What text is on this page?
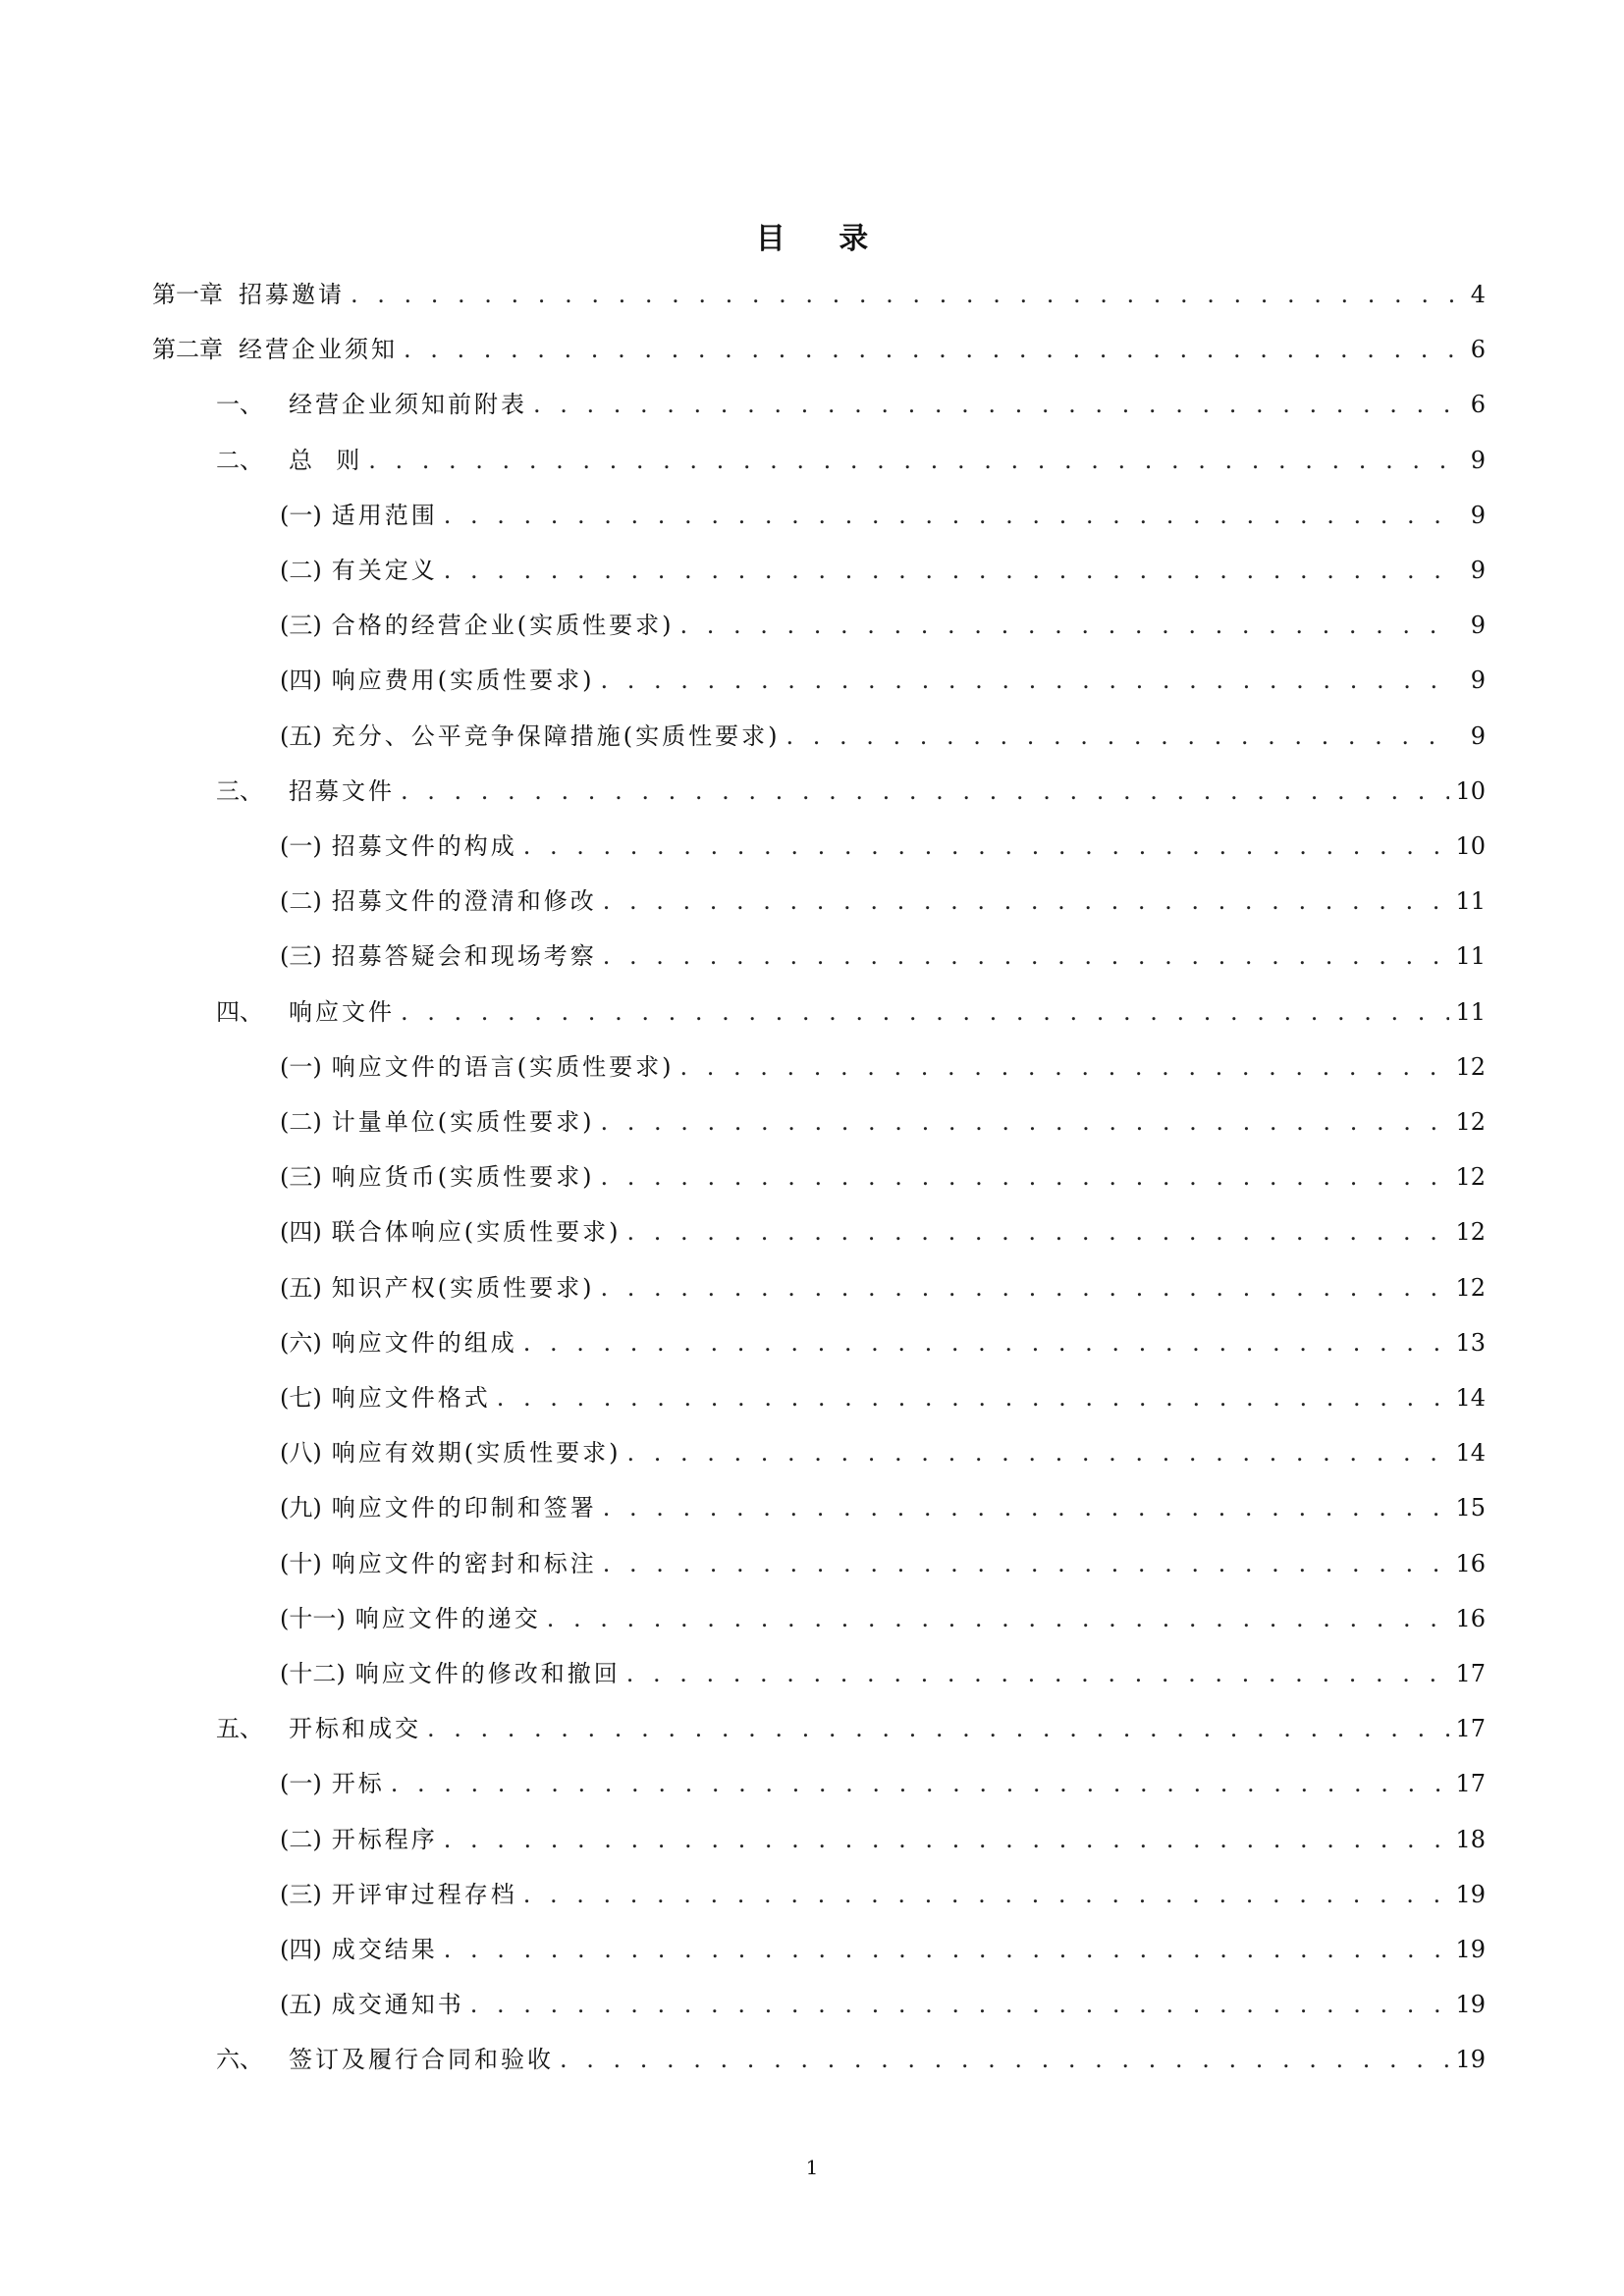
目 录
第一章 招募邀请 . . .	4
第二章 经营企业须知 . . .	6
一、	经营企业须知前附表 . . .	6
二、	总  则 . . .	9
(一) 适用范围 . . .	9
(二) 有关定义 . . .	9
(三) 合格的经营企业(实质性要求) . . .	9
(四) 响应费用(实质性要求) . . .	9
(五) 充分、公平竞争保障措施(实质性要求) . . .	9
三、	招募文件 . . .	10
(一) 招募文件的构成 . . .	10
(二) 招募文件的澄清和修改 . . .	11
(三) 招募答疑会和现场考察 . . .	11
四、	响应文件 . . .	11
(一) 响应文件的语言(实质性要求) . . .	12
(二) 计量单位(实质性要求) . . .	12
(三) 响应货币(实质性要求) . . .	12
(四) 联合体响应(实质性要求) . . .	12
(五) 知识产权(实质性要求) . . .	12
(六) 响应文件的组成 . . .	13
(七) 响应文件格式 . . .	14
(八) 响应有效期(实质性要求) . . .	14
(九) 响应文件的印制和签署 . . .	15
(十) 响应文件的密封和标注 . . .	16
(十一) 响应文件的递交 . . .	16
(十二) 响应文件的修改和撤回 . . .	17
五、	开标和成交 . . .	17
(一) 开标 . . .	17
(二) 开标程序 . . .	18
(三) 开评审过程存档 . . .	19
(四) 成交结果 . . .	19
(五) 成交通知书 . . .	19
六、	签订及履行合同和验收 . . .	19
1
